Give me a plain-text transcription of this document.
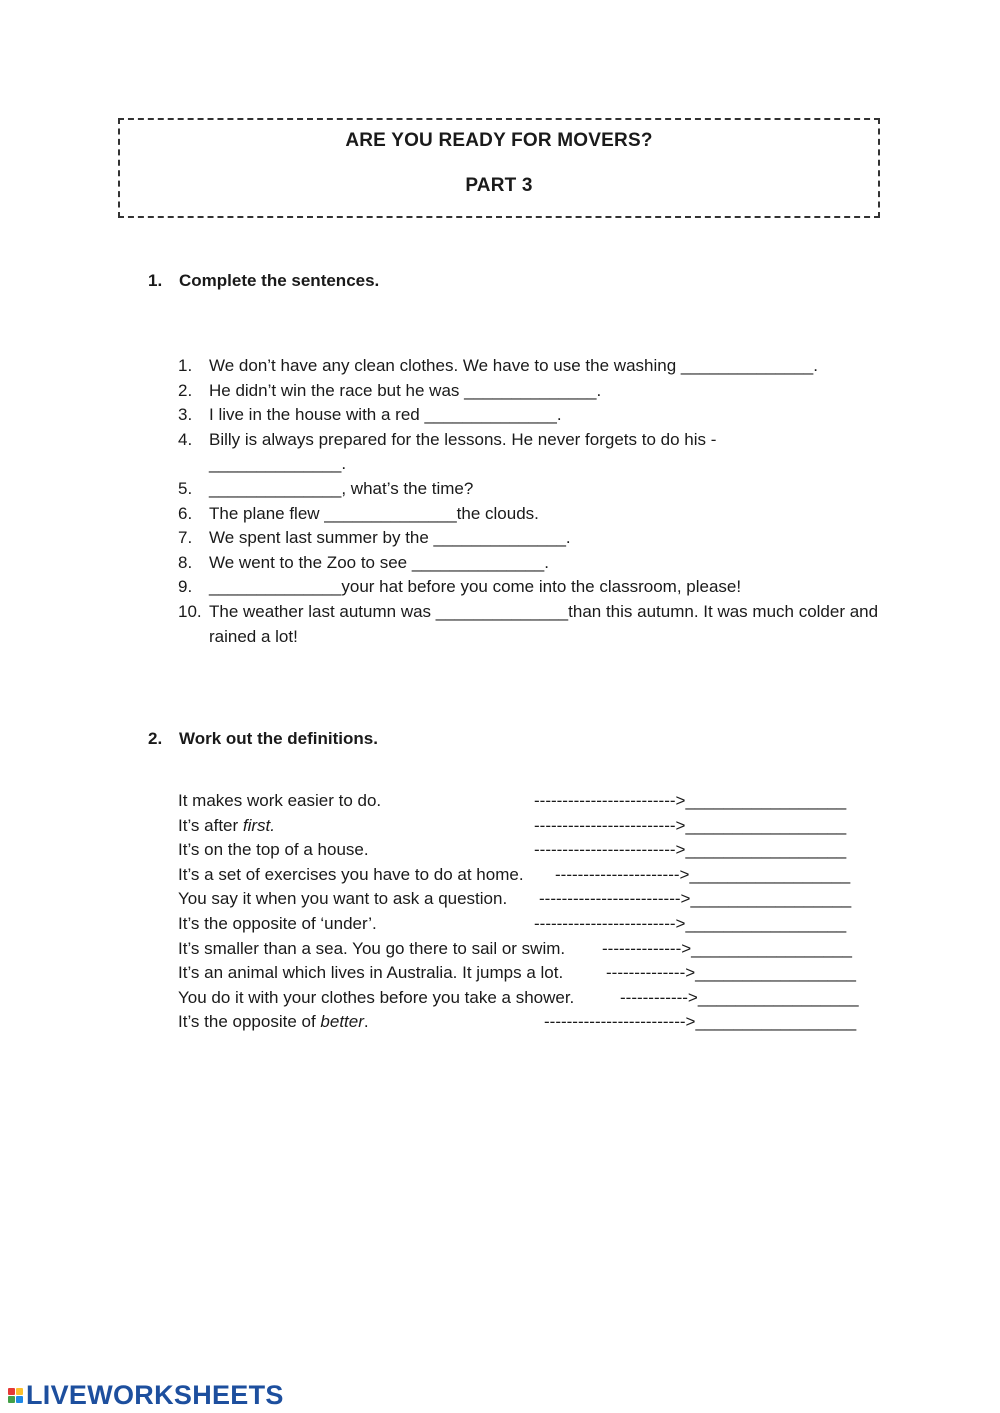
ARE YOU READY FOR MOVERS?
PART 3
1. Complete the sentences.
1. We don’t have any clean clothes. We have to use the washing ______________.
2. He didn’t win the race but he was ______________.
3. I live in the house with a red ______________.
4. Billy is always prepared for the lessons. He never forgets to do his - ______________.
5. ______________, what’s the time?
6. The plane flew ______________the clouds.
7. We spent last summer by the ______________.
8. We went to the Zoo to see ______________.
9. ______________your hat before you come into the classroom, please!
10. The weather last autumn was ______________than this autumn. It was much colder and rained a lot!
2. Work out the definitions.
It makes work easier to do.	------------------------->_________________
It’s after first.	------------------------->_________________
It’s on the top of a house.	------------------------->_________________
It’s a set of exercises you have to do at home. ---------------------->_________________
You say it when you want to ask a question. ------------------------->_________________
It’s the opposite of ‘under’.	------------------------->_________________
It’s smaller than a sea. You go there to sail or swim. -------------->_________________
It’s an animal which lives in Australia. It jumps a lot.	-------------->_________________
You do it with your clothes before you take a shower.	------------>_________________
It’s the opposite of better.	------------------------->_________________
LIVEWORKSHEETS
